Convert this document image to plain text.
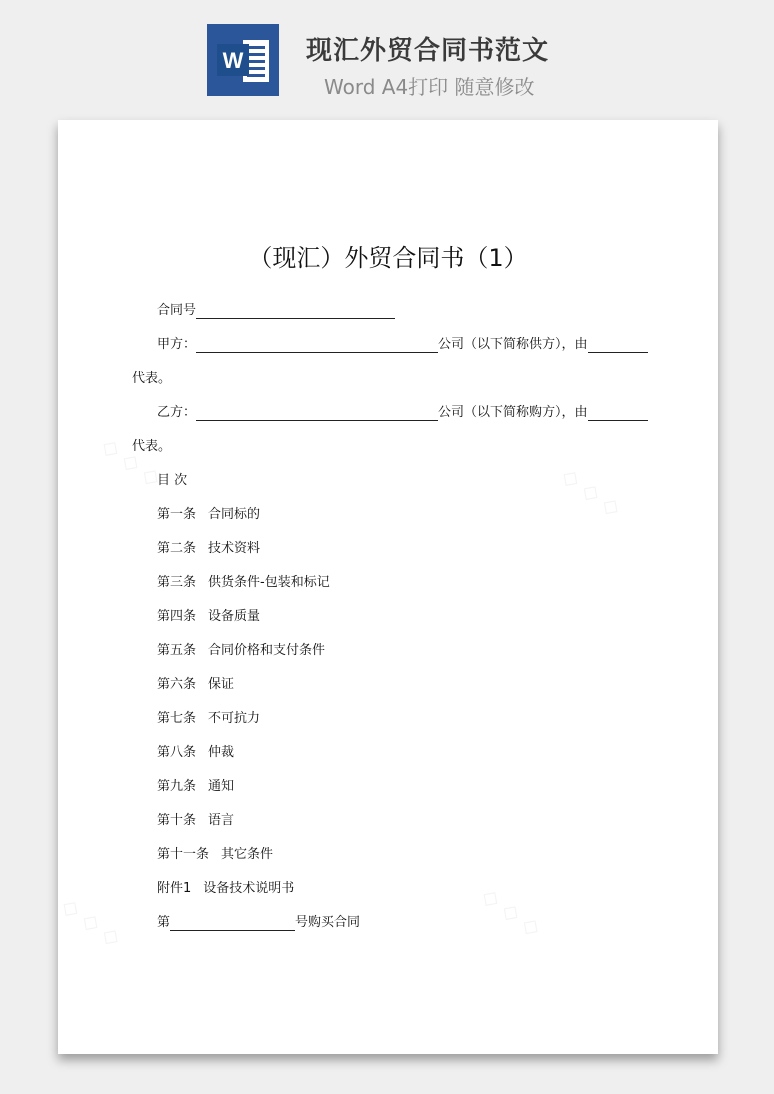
W 现汇外贸合同书范文
Word A4打印 随意修改
（现汇）外贸合同书（1）
合同号
甲方：	公司（以下简称供方），由
代表。
乙方：	公司（以下简称购方），由
代表。
目 次
第一条 合同标的
第二条 技术资料
第三条 供货条件-包装和标记
第四条 设备质量
第五条 合同价格和支付条件
第六条 保证
第七条 不可抗力
第八条 仲裁
第九条 通知
第十条 语言
第十一条 其它条件
附件1 设备技术说明书
第	号购买合同
